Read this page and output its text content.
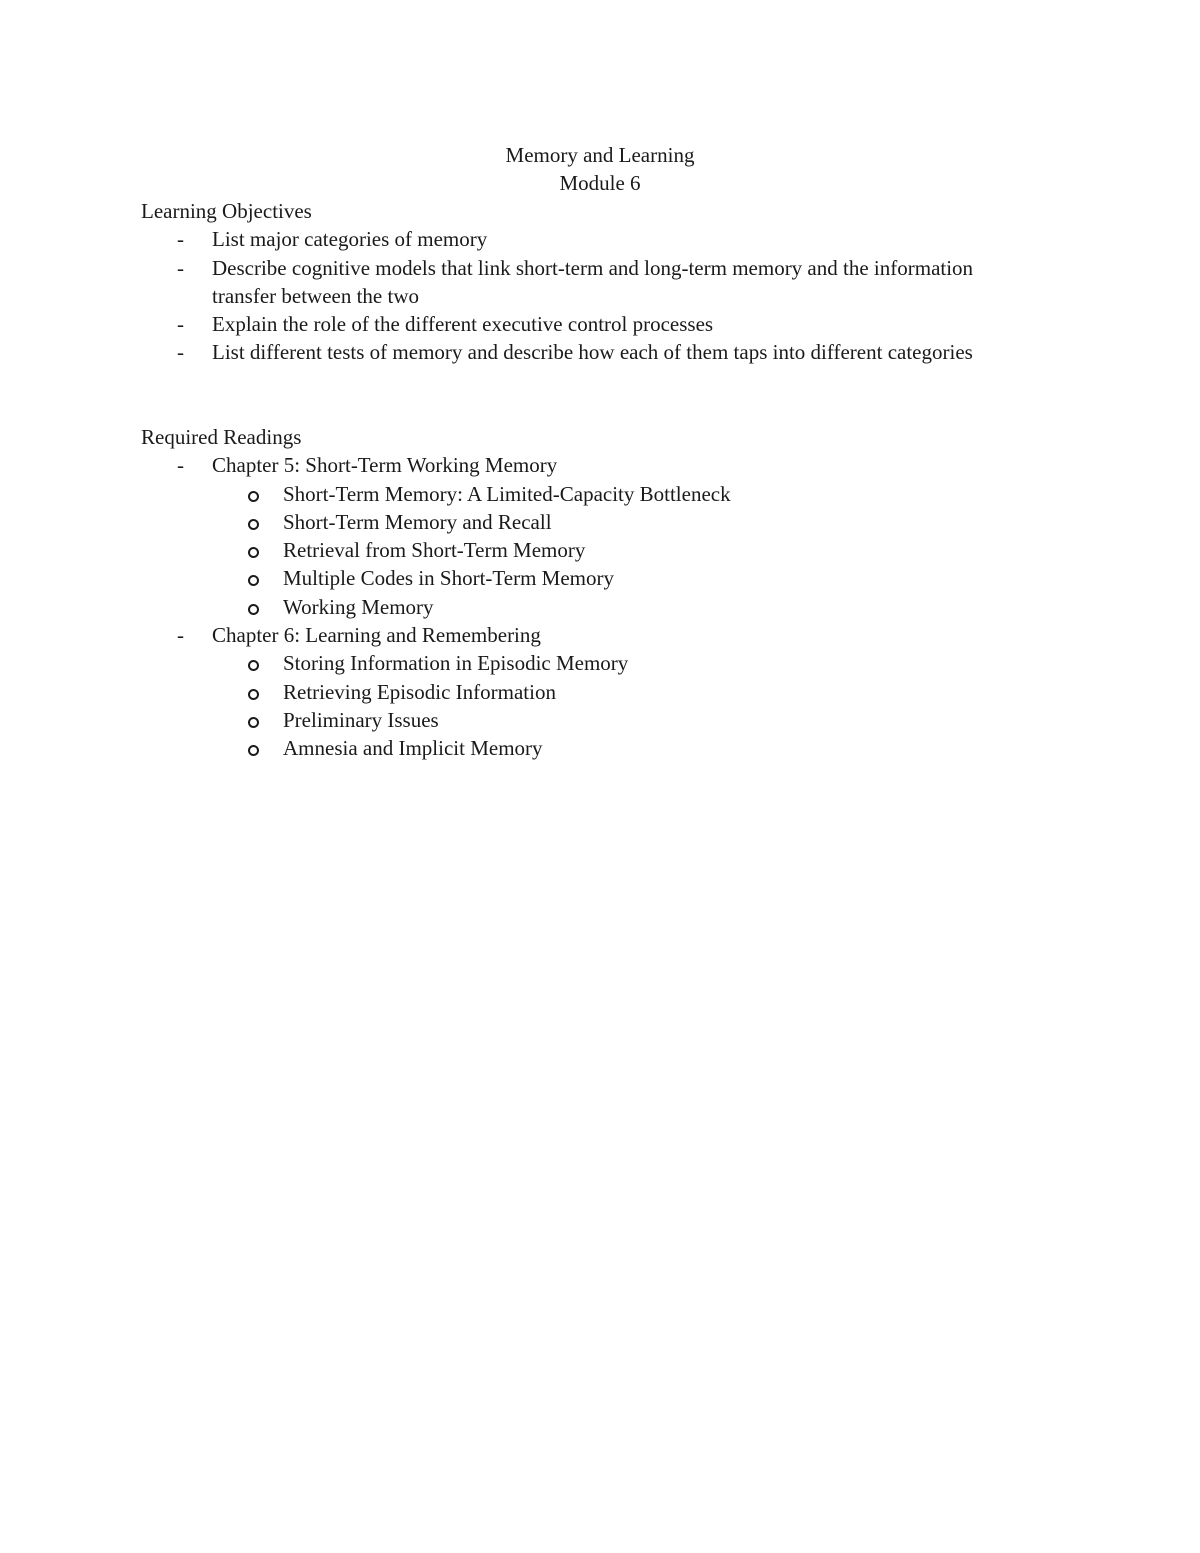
Memory and Learning
Module 6
Learning Objectives
- List major categories of memory
- Describe cognitive models that link short-term and long-term memory and the information transfer between the two
- Explain the role of the different executive control processes
- List different tests of memory and describe how each of them taps into different categories
Required Readings
- Chapter 5: Short-Term Working Memory
Short-Term Memory: A Limited-Capacity Bottleneck
Short-Term Memory and Recall
Retrieval from Short-Term Memory
Multiple Codes in Short-Term Memory
Working Memory
- Chapter 6: Learning and Remembering
Storing Information in Episodic Memory
Retrieving Episodic Information
Preliminary Issues
Amnesia and Implicit Memory
